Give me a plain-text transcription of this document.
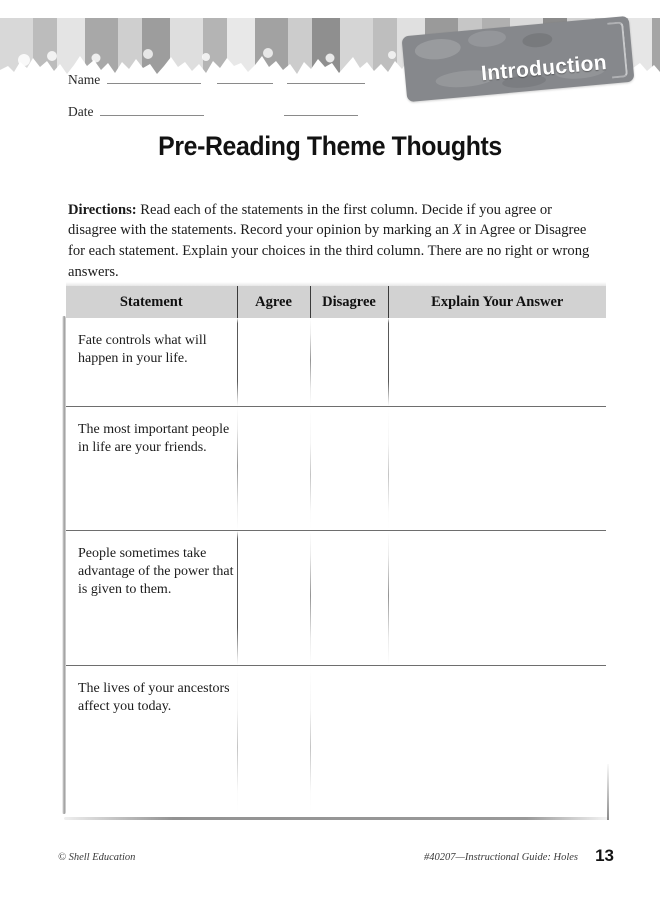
Introduction
Name
Date
Pre-Reading Theme Thoughts

Directions: Read each of the statements in the first column. Decide if you agree or disagree with the statements. Record your opinion by marking an X in Agree or Disagree for each statement. Explain your choices in the third column. There are no right or wrong answers.

Statement	Agree	Disagree	Explain Your Answer
Fate controls what will happen in your life.

The most important people in life are your friends.

People sometimes take advantage of the power that is given to them.

The lives of your ancestors affect you today.

© Shell Education	#40207—Instructional Guide: Holes 13
